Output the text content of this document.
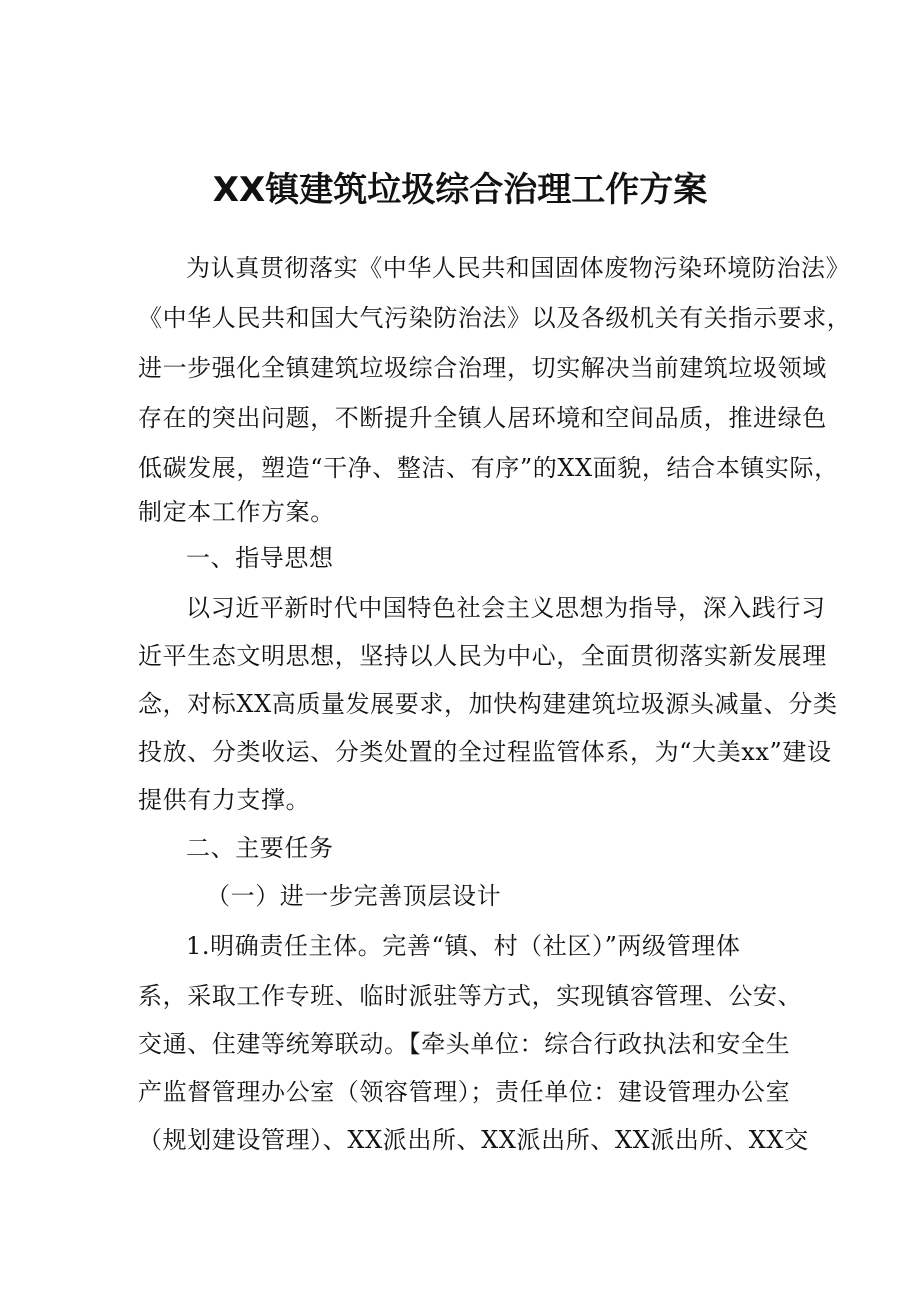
XX镇建筑垃圾综合治理工作方案

为认真贯彻落实《中华人民共和国固体废物污染环境防治法》

《中华人民共和国大气污染防治法》以及各级机关有关指示要求，

进一步强化全镇建筑垃圾综合治理，切实解决当前建筑垃圾领域

存在的突出问题，不断提升全镇人居环境和空间品质，推进绿色

低碳发展，塑造“干净、整洁、有序”的XX面貌，结合本镇实际，

制定本工作方案。

一、指导思想

以习近平新时代中国特色社会主义思想为指导，深入践行习

近平生态文明思想，坚持以人民为中心，全面贯彻落实新发展理

念，对标XX高质量发展要求，加快构建建筑垃圾源头减量、分类

投放、分类收运、分类处置的全过程监管体系，为“大美xx”建设

提供有力支撑。

二、主要任务

（一）进一步完善顶层设计

1.明确责任主体。完善“镇、村（社区）”两级管理体

系，采取工作专班、临时派驻等方式，实现镇容管理、公安、

交通、住建等统筹联动。【牵头单位：综合行政执法和安全生

产监督管理办公室（领容管理）；责任单位：建设管理办公室

（规划建设管理）、XX派出所、XX派出所、XX派出所、XX交
